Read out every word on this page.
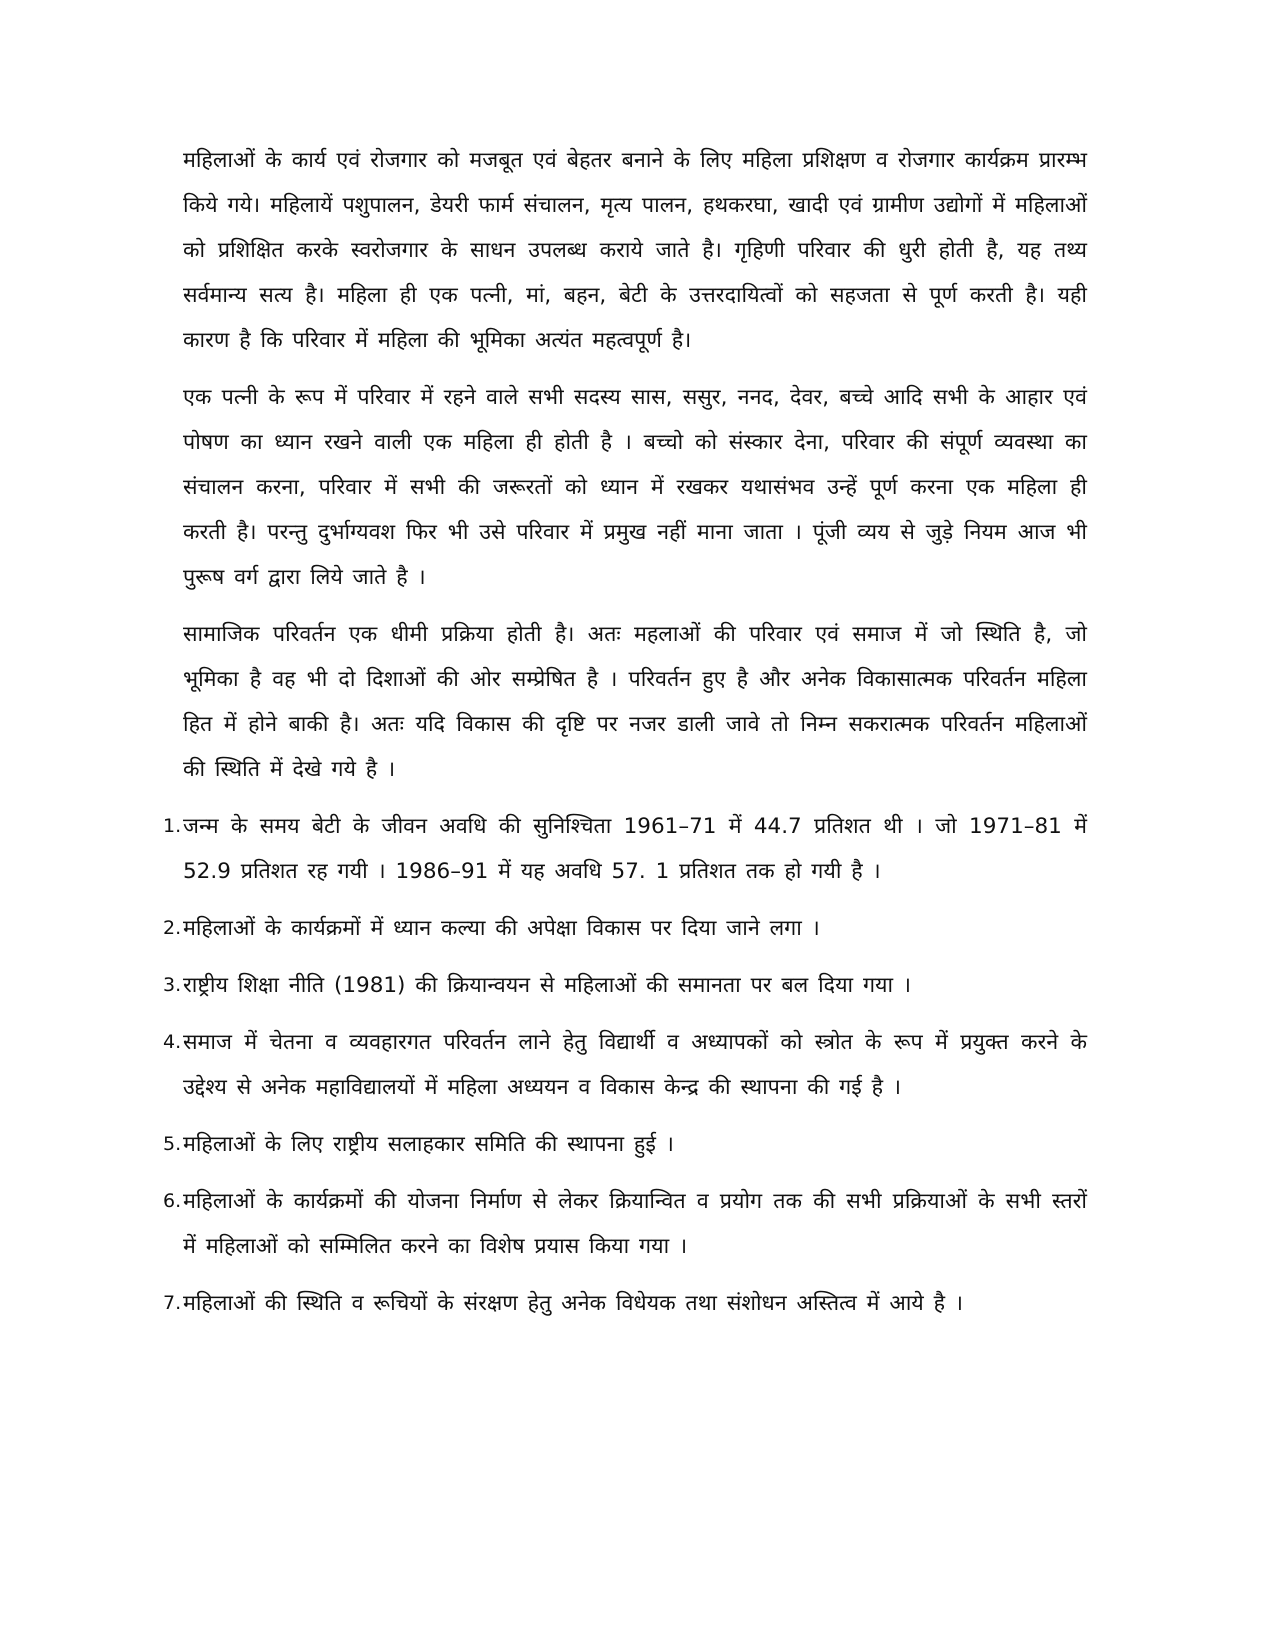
महिलाओं के कार्य एवं रोजगार को मजबूत एवं बेहतर बनाने के लिए महिला प्रशिक्षण व रोजगार कार्यक्रम प्रारम्भ किये गये। महिलायें पशुपालन, डेयरी फार्म संचालन, मृत्य पालन, हथकरघा, खादी एवं ग्रामीण उद्योगों में महिलाओं को प्रशिक्षित करके स्वरोजगार के साधन उपलब्ध कराये जाते है। गृहिणी परिवार की धुरी होती है, यह तथ्य सर्वमान्य सत्य है। महिला ही एक पत्नी, मां, बहन, बेटी के उत्तरदायित्वों को सहजता से पूर्ण करती है। यही कारण है कि परिवार में महिला की भूमिका अत्यंत महत्वपूर्ण है।

एक पत्नी के रूप में परिवार में रहने वाले सभी सदस्य सास, ससुर, ननद, देवर, बच्चे आदि सभी के आहार एवं पोषण का ध्यान रखने वाली एक महिला ही होती है । बच्चो को संस्कार देना, परिवार की संपूर्ण व्यवस्था का संचालन करना, परिवार में सभी की जरूरतों को ध्यान में रखकर यथासंभव उन्हें पूर्ण करना एक महिला ही करती है। परन्तु दुर्भाग्यवश फिर भी उसे परिवार में प्रमुख नहीं माना जाता । पूंजी व्यय से जुड़े नियम आज भी पुरूष वर्ग द्वारा लिये जाते है ।

सामाजिक परिवर्तन एक धीमी प्रक्रिया होती है। अतः महलाओं की परिवार एवं समाज में जो स्थिति है, जो भूमिका है वह भी दो दिशाओं की ओर सम्प्रेषित है । परिवर्तन हुए है और अनेक विकासात्मक परिवर्तन महिला हित में होने बाकी है। अतः यदि विकास की दृष्टि पर नजर डाली जावे तो निम्न सकरात्मक परिवर्तन महिलाओं की स्थिति में देखे गये है ।

1. जन्म के समय बेटी के जीवन अवधि की सुनिश्चिता 1961–71 में 44.7 प्रतिशत थी । जो 1971–81 में 52.9 प्रतिशत रह गयी । 1986–91 में यह अवधि 57. 1 प्रतिशत तक हो गयी है ।
2. महिलाओं के कार्यक्रमों में ध्यान कल्या की अपेक्षा विकास पर दिया जाने लगा ।
3. राष्ट्रीय शिक्षा नीति (1981) की क्रियान्वयन से महिलाओं की समानता पर बल दिया गया ।
4. समाज में चेतना व व्यवहारगत परिवर्तन लाने हेतु विद्यार्थी व अध्यापकों को स्त्रोत के रूप में प्रयुक्त करने के उद्देश्य से अनेक महाविद्यालयों में महिला अध्ययन व विकास केन्द्र की स्थापना की गई है ।
5. महिलाओं के लिए राष्ट्रीय सलाहकार समिति की स्थापना हुई ।
6. महिलाओं के कार्यक्रमों की योजना निर्माण से लेकर क्रियान्वित व प्रयोग तक की सभी प्रक्रियाओं के सभी स्तरों में महिलाओं को सम्मिलित करने का विशेष प्रयास किया गया ।
7. महिलाओं की स्थिति व रूचियों के संरक्षण हेतु अनेक विधेयक तथा संशोधन अस्तित्व में आये है ।
